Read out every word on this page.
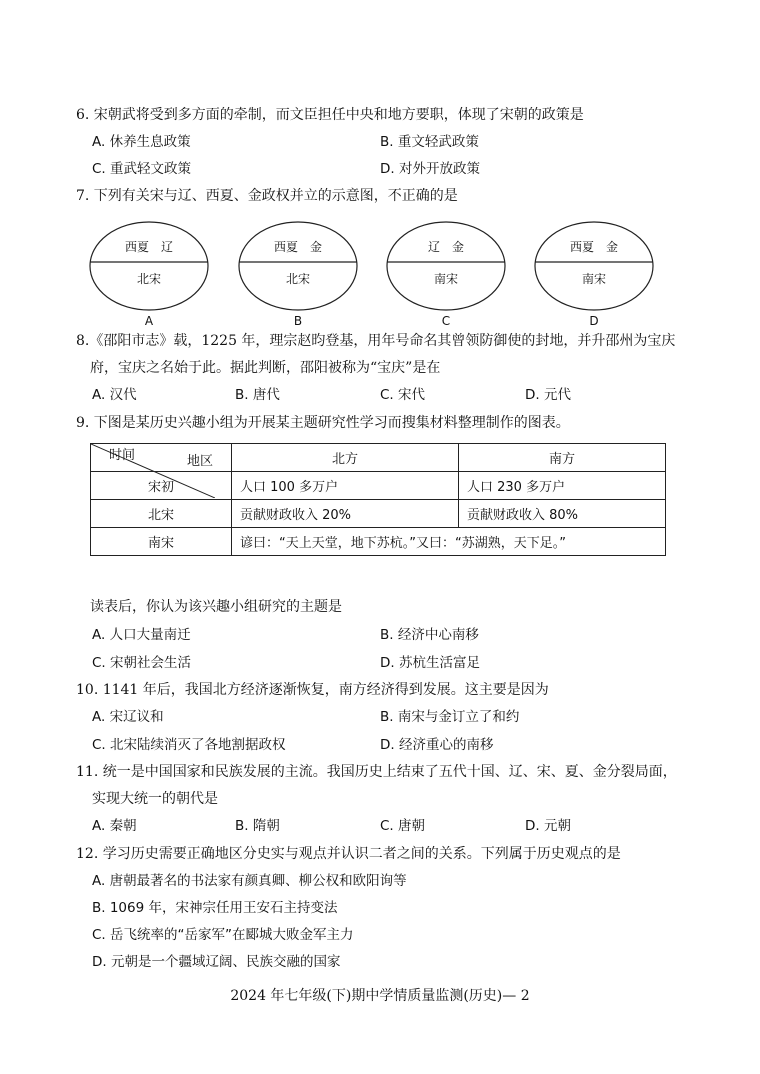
6. 宋朝武将受到多方面的牵制，而文臣担任中央和地方要职，体现了宋朝的政策是
A. 休养生息政策	B. 重文轻武政策
C. 重武轻文政策	D. 对外开放政策
7. 下列有关宋与辽、西夏、金政权并立的示意图，不正确的是
西夏　辽
北宋
A
西夏　金
北宋
B
辽　金
南宋
C
西夏　金
南宋
D
8.《邵阳市志》载，1225 年，理宗赵昀登基，用年号命名其曾领防御使的封地，并升邵州为宝庆
府，宝庆之名始于此。据此判断，邵阳被称为“宝庆”是在
A. 汉代	B. 唐代	C. 宋代	D. 元代
9. 下图是某历史兴趣小组为开展某主题研究性学习而搜集材料整理制作的图表。
地区
时间	北方	南方
宋初	人口 100 多万户	人口 230 多万户
北宋	贡献财政收入 20%	贡献财政收入 80%
南宋	谚曰：“天上天堂，地下苏杭。”又曰：“苏湖熟，天下足。”	
读表后，你认为该兴趣小组研究的主题是
A. 人口大量南迁	B. 经济中心南移
C. 宋朝社会生活	D. 苏杭生活富足
10. 1141 年后，我国北方经济逐渐恢复，南方经济得到发展。这主要是因为
A. 宋辽议和	B. 南宋与金订立了和约
C. 北宋陆续消灭了各地割据政权	D. 经济重心的南移
11. 统一是中国国家和民族发展的主流。我国历史上结束了五代十国、辽、宋、夏、金分裂局面，
实现大统一的朝代是
A. 秦朝	B. 隋朝	C. 唐朝	D. 元朝
12. 学习历史需要正确地区分史实与观点并认识二者之间的关系。下列属于历史观点的是
A. 唐朝最著名的书法家有颜真卿、柳公权和欧阳询等
B. 1069 年，宋神宗任用王安石主持变法
C. 岳飞统率的“岳家军”在郾城大败金军主力
D. 元朝是一个疆域辽阔、民族交融的国家
2024 年七年级(下)期中学情质量监测(历史)— 2
